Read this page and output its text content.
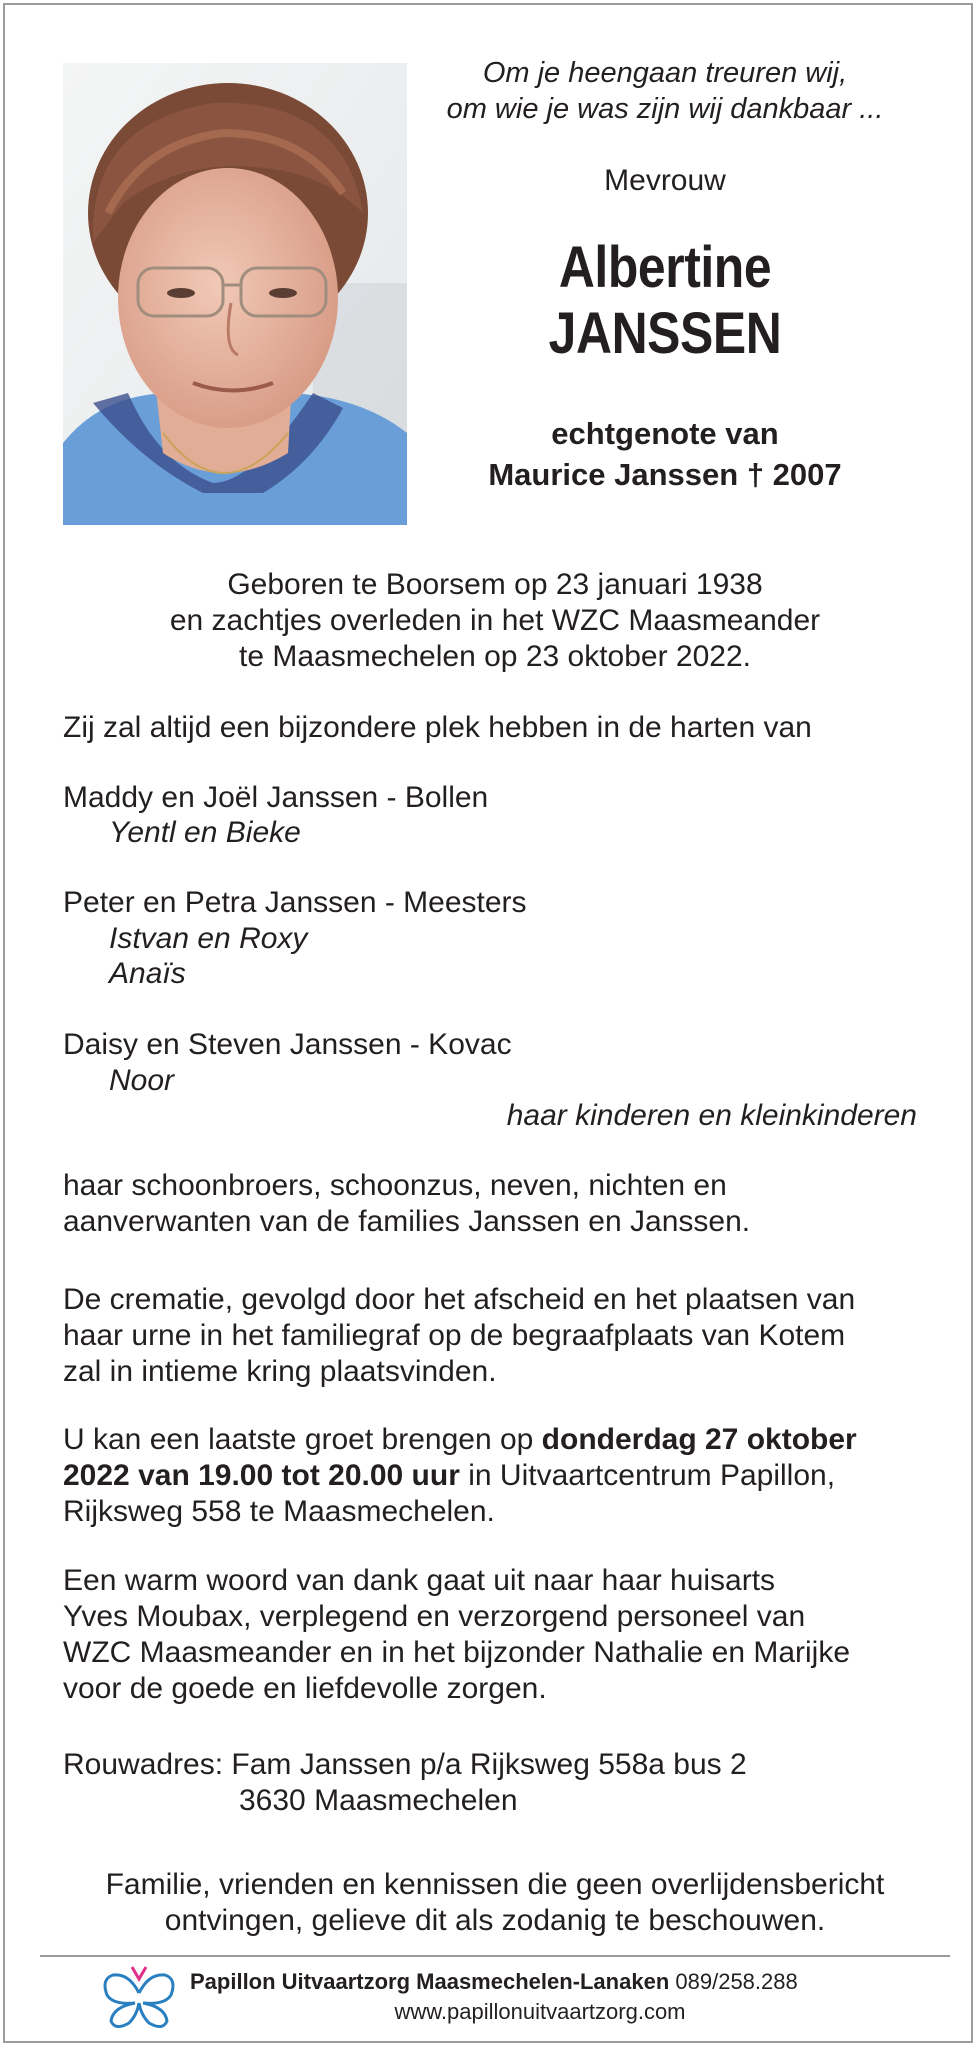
Om je heengaan treuren wij,
om wie je was zijn wij dankbaar ...
Mevrouw
Albertine
JANSSEN
echtgenote van
Maurice Janssen † 2007
Geboren te Boorsem op 23 januari 1938
en zachtjes overleden in het WZC Maasmeander
te Maasmechelen op 23 oktober 2022.
Zij zal altijd een bijzondere plek hebben in de harten van
Maddy en Joël Janssen - Bollen
Yentl en Bieke
Peter en Petra Janssen - Meesters
Istvan en Roxy
Anaïs
Daisy en Steven Janssen - Kovac
Noor
haar kinderen en kleinkinderen
haar schoonbroers, schoonzus, neven, nichten en
aanverwanten van de families Janssen en Janssen.
De crematie, gevolgd door het afscheid en het plaatsen van
haar urne in het familiegraf op de begraafplaats van Kotem
zal in intieme kring plaatsvinden.
U kan een laatste groet brengen op donderdag 27 oktober
2022 van 19.00 tot 20.00 uur in Uitvaartcentrum Papillon,
Rijksweg 558 te Maasmechelen.
Een warm woord van dank gaat uit naar haar huisarts
Yves Moubax, verplegend en verzorgend personeel van
WZC Maasmeander en in het bijzonder Nathalie en Marijke
voor de goede en liefdevolle zorgen.
Rouwadres: Fam Janssen p/a Rijksweg 558a bus 2
3630 Maasmechelen
Familie, vrienden en kennissen die geen overlijdensbericht
ontvingen, gelieve dit als zodanig te beschouwen.
Papillon Uitvaartzorg Maasmechelen-Lanaken 089/258.288
www.papillonuitvaartzorg.com
